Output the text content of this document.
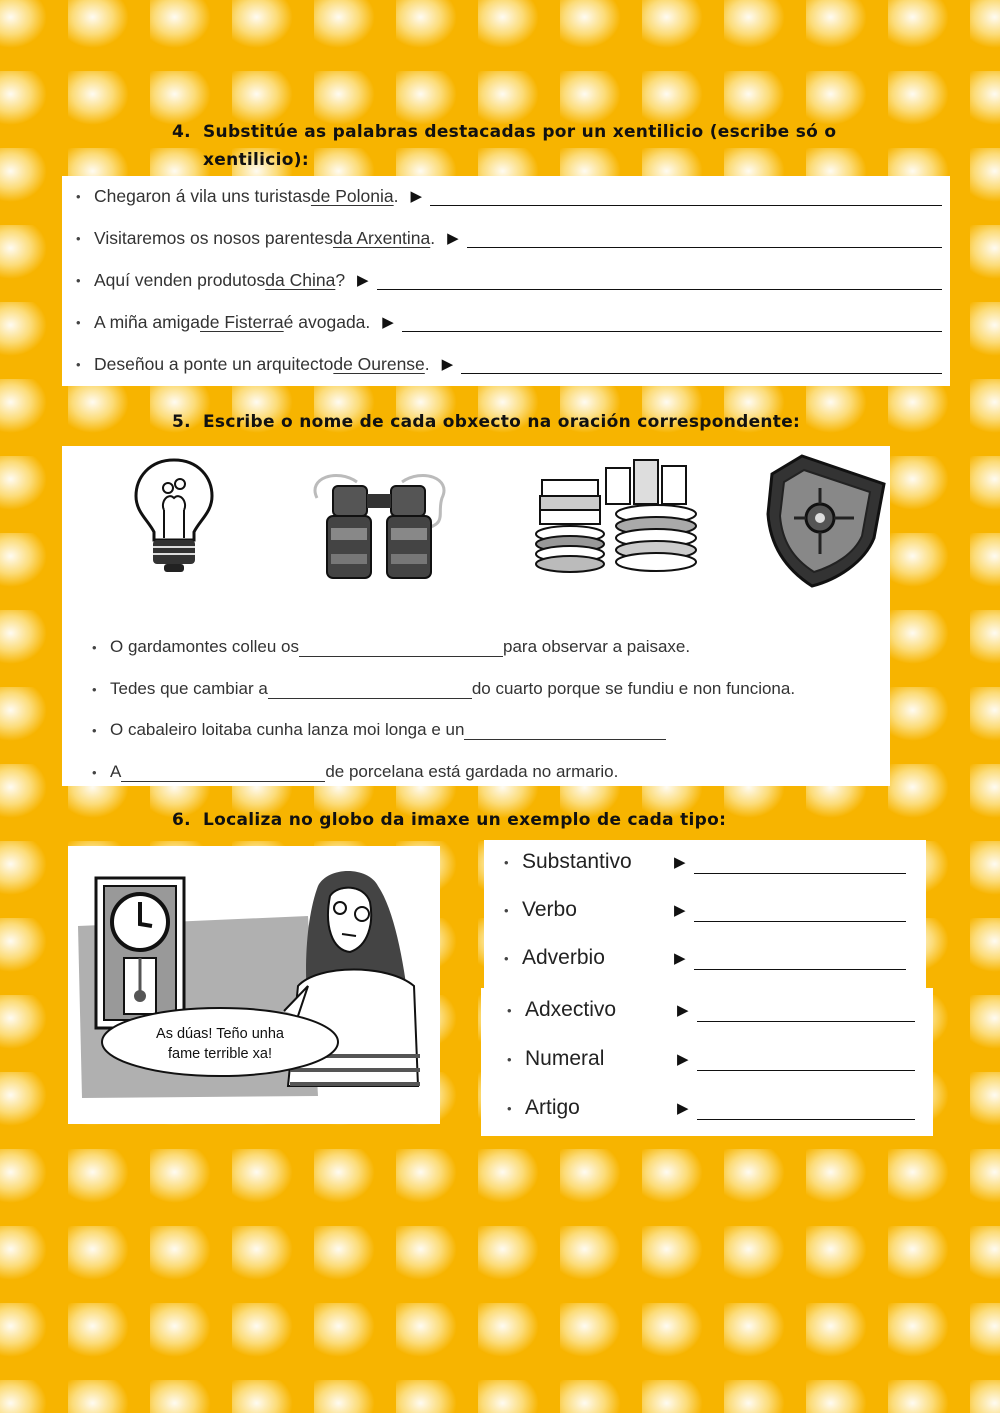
4. Substitúe as palabras destacadas por un xentilicio (escribe só o
xentilicio):
• Chegaron á vila uns turistas de Polonia . ▶
• Visitaremos os nosos parentes da Arxentina . ▶
• Aquí venden produtos da China ? ▶
• A miña amiga de Fisterra é avogada. ▶
• Deseñou a ponte un arquitecto de Ourense . ▶
5. Escribe o nome de cada obxecto na oración correspondente:
• O gardamontes colleu os	para observar a paisaxe.
• Tedes que cambiar a	do cuarto porque se fundiu e non funciona.
• O cabaleiro loitaba cunha lanza moi longa e un
• A	de porcelana está gardada no armario.
6. Localiza no globo da imaxe un exemplo de cada tipo:
As dúas! Teño unha
fame terrible xa!
• Substantivo	▶
• Verbo	▶
• Adverbio	▶
• Adxectivo	▶
• Numeral	▶
• Artigo	▶
